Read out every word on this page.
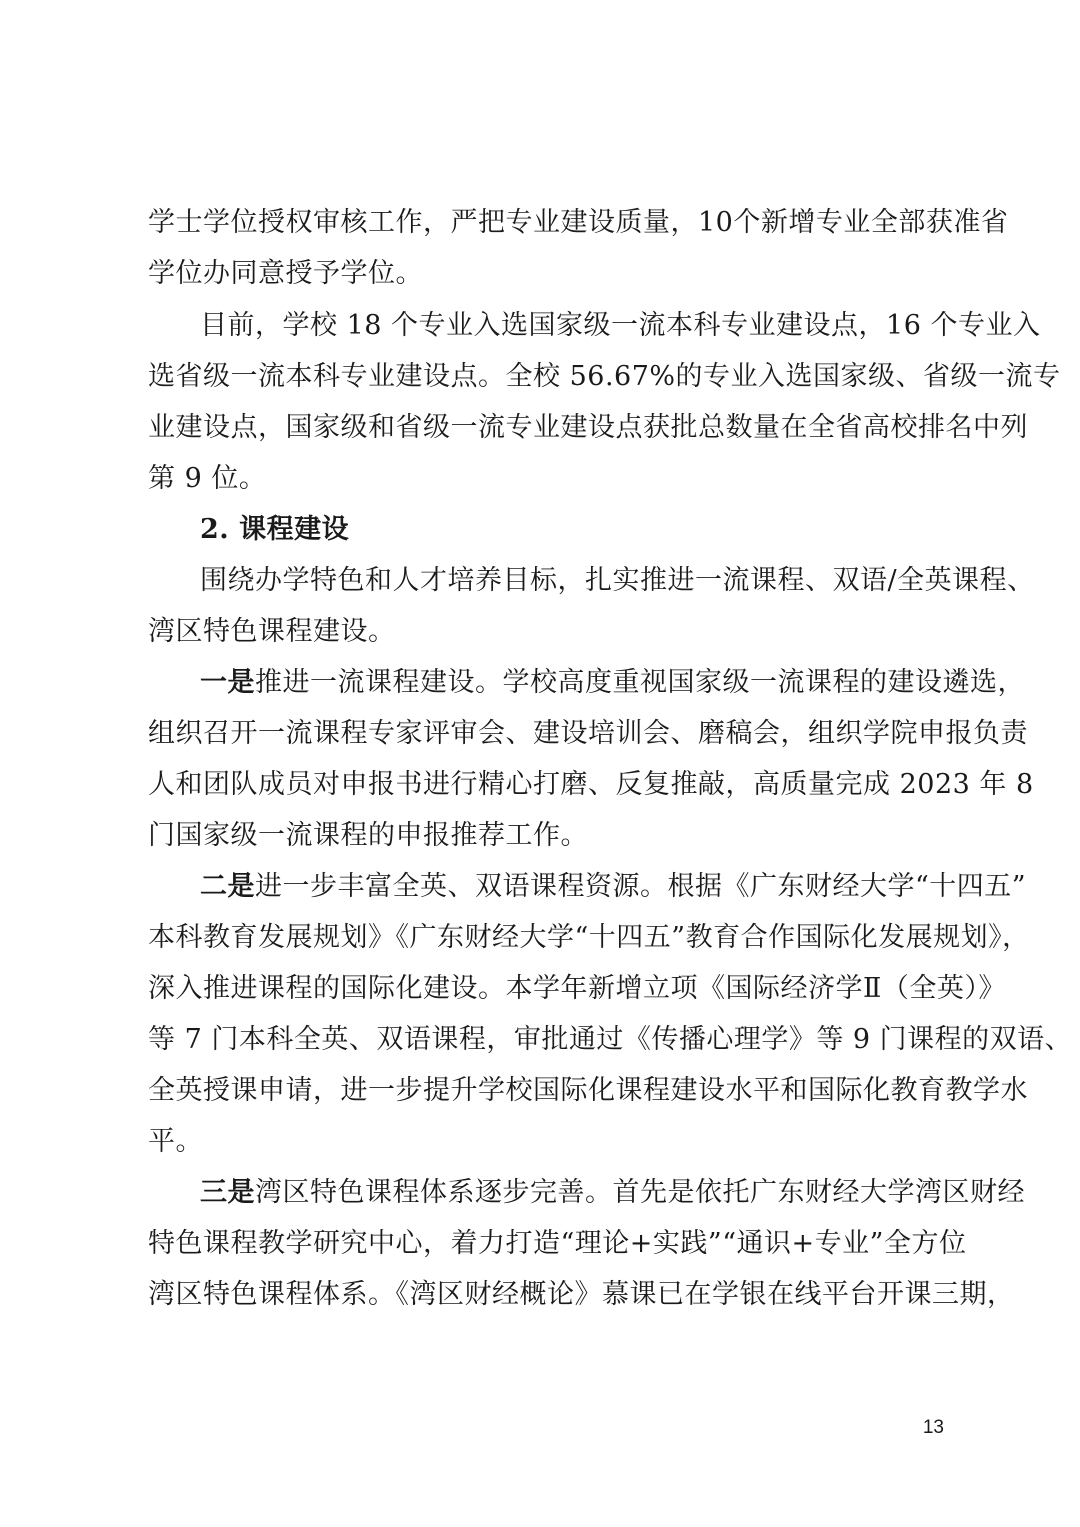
学士学位授权审核工作，严把专业建设质量，10个新增专业全部获准省
学位办同意授予学位。
目前，学校 18 个专业入选国家级一流本科专业建设点，16 个专业入
选省级一流本科专业建设点。全校 56.67%的专业入选国家级、省级一流专
业建设点，国家级和省级一流专业建设点获批总数量在全省高校排名中列
第 9 位。
2. 课程建设
围绕办学特色和人才培养目标，扎实推进一流课程、双语/全英课程、
湾区特色课程建设。
一是推进一流课程建设。学校高度重视国家级一流课程的建设遴选，
组织召开一流课程专家评审会、建设培训会、磨稿会，组织学院申报负责
人和团队成员对申报书进行精心打磨、反复推敲，高质量完成 2023 年 8
门国家级一流课程的申报推荐工作。
二是进一步丰富全英、双语课程资源。根据《广东财经大学“十四五”
本科教育发展规划》《广东财经大学“十四五”教育合作国际化发展规划》，
深入推进课程的国际化建设。本学年新增立项《国际经济学Ⅱ（全英）》
等 7 门本科全英、双语课程，审批通过《传播心理学》等 9 门课程的双语、
全英授课申请，进一步提升学校国际化课程建设水平和国际化教育教学水
平。
三是湾区特色课程体系逐步完善。首先是依托广东财经大学湾区财经
特色课程教学研究中心，着力打造“理论+实践”“通识+专业”全方位
湾区特色课程体系。《湾区财经概论》慕课已在学银在线平台开课三期，
13
